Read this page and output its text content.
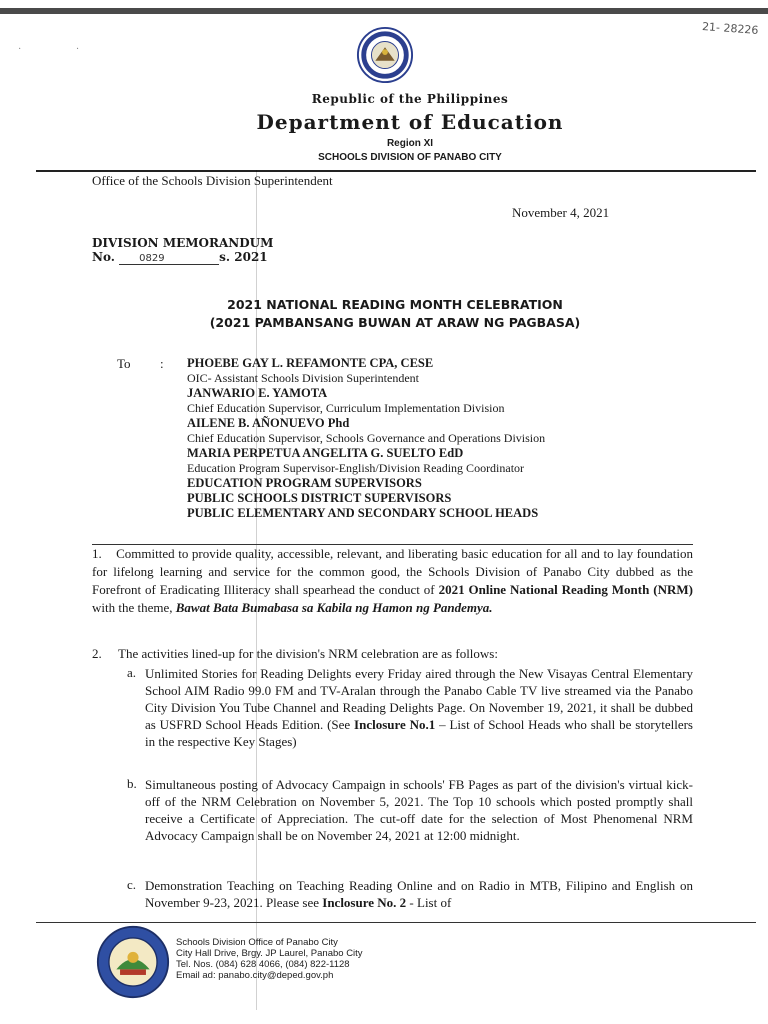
21- 28226
· ·
Republic of the Philippines
Department of Education
Region XI
SCHOOLS DIVISION OF PANABO CITY
Office of the Schools Division Superintendent
November 4, 2021
DIVISION MEMORANDUM
No. 0829	s. 2021
2021 NATIONAL READING MONTH CELEBRATION
(2021 PAMBANSANG BUWAN AT ARAW NG PAGBASA)
To : PHOEBE GAY L. REFAMONTE CPA, CESE
OIC- Assistant Schools Division Superintendent
JANWARIO E. YAMOTA
Chief Education Supervisor, Curriculum Implementation Division
AILENE B. AÑONUEVO Phd
Chief Education Supervisor, Schools Governance and Operations Division
MARIA PERPETUA ANGELITA G. SUELTO EdD
Education Program Supervisor-English/Division Reading Coordinator
EDUCATION PROGRAM SUPERVISORS
PUBLIC SCHOOLS DISTRICT SUPERVISORS
PUBLIC ELEMENTARY AND SECONDARY SCHOOL HEADS
1. Committed to provide quality, accessible, relevant, and liberating basic education for all and to lay foundation for lifelong learning and service for the common good, the Schools Division of Panabo City dubbed as the Forefront of Eradicating Illiteracy shall spearhead the conduct of 2021 Online National Reading Month (NRM) with the theme, Bawat Bata Bumabasa sa Kabila ng Hamon ng Pandemya.
2. The activities lined-up for the division's NRM celebration are as follows:
a. Unlimited Stories for Reading Delights every Friday aired through the New Visayas Central Elementary School AIM Radio 99.0 FM and TV-Aralan through the Panabo Cable TV live streamed via the Panabo City Division You Tube Channel and Reading Delights Page. On November 19, 2021, it shall be dubbed as USFRD School Heads Edition. (See Inclosure No.1 – List of School Heads who shall be storytellers in the respective Key Stages)
b. Simultaneous posting of Advocacy Campaign in schools' FB Pages as part of the division's virtual kick-off of the NRM Celebration on November 5, 2021. The Top 10 schools which posted promptly shall receive a Certificate of Appreciation. The cut-off date for the selection of Most Phenomenal NRM Advocacy Campaign shall be on November 24, 2021 at 12:00 midnight.
c. Demonstration Teaching on Teaching Reading Online and on Radio in MTB, Filipino and English on November 9-23, 2021. Please see Inclosure No. 2 - List of
Schools Division Office of Panabo City
City Hall Drive, Brgy. JP Laurel, Panabo City
Tel. Nos. (084) 628 4066, (084) 822-1128
Email ad: panabo.city@deped.gov.ph
